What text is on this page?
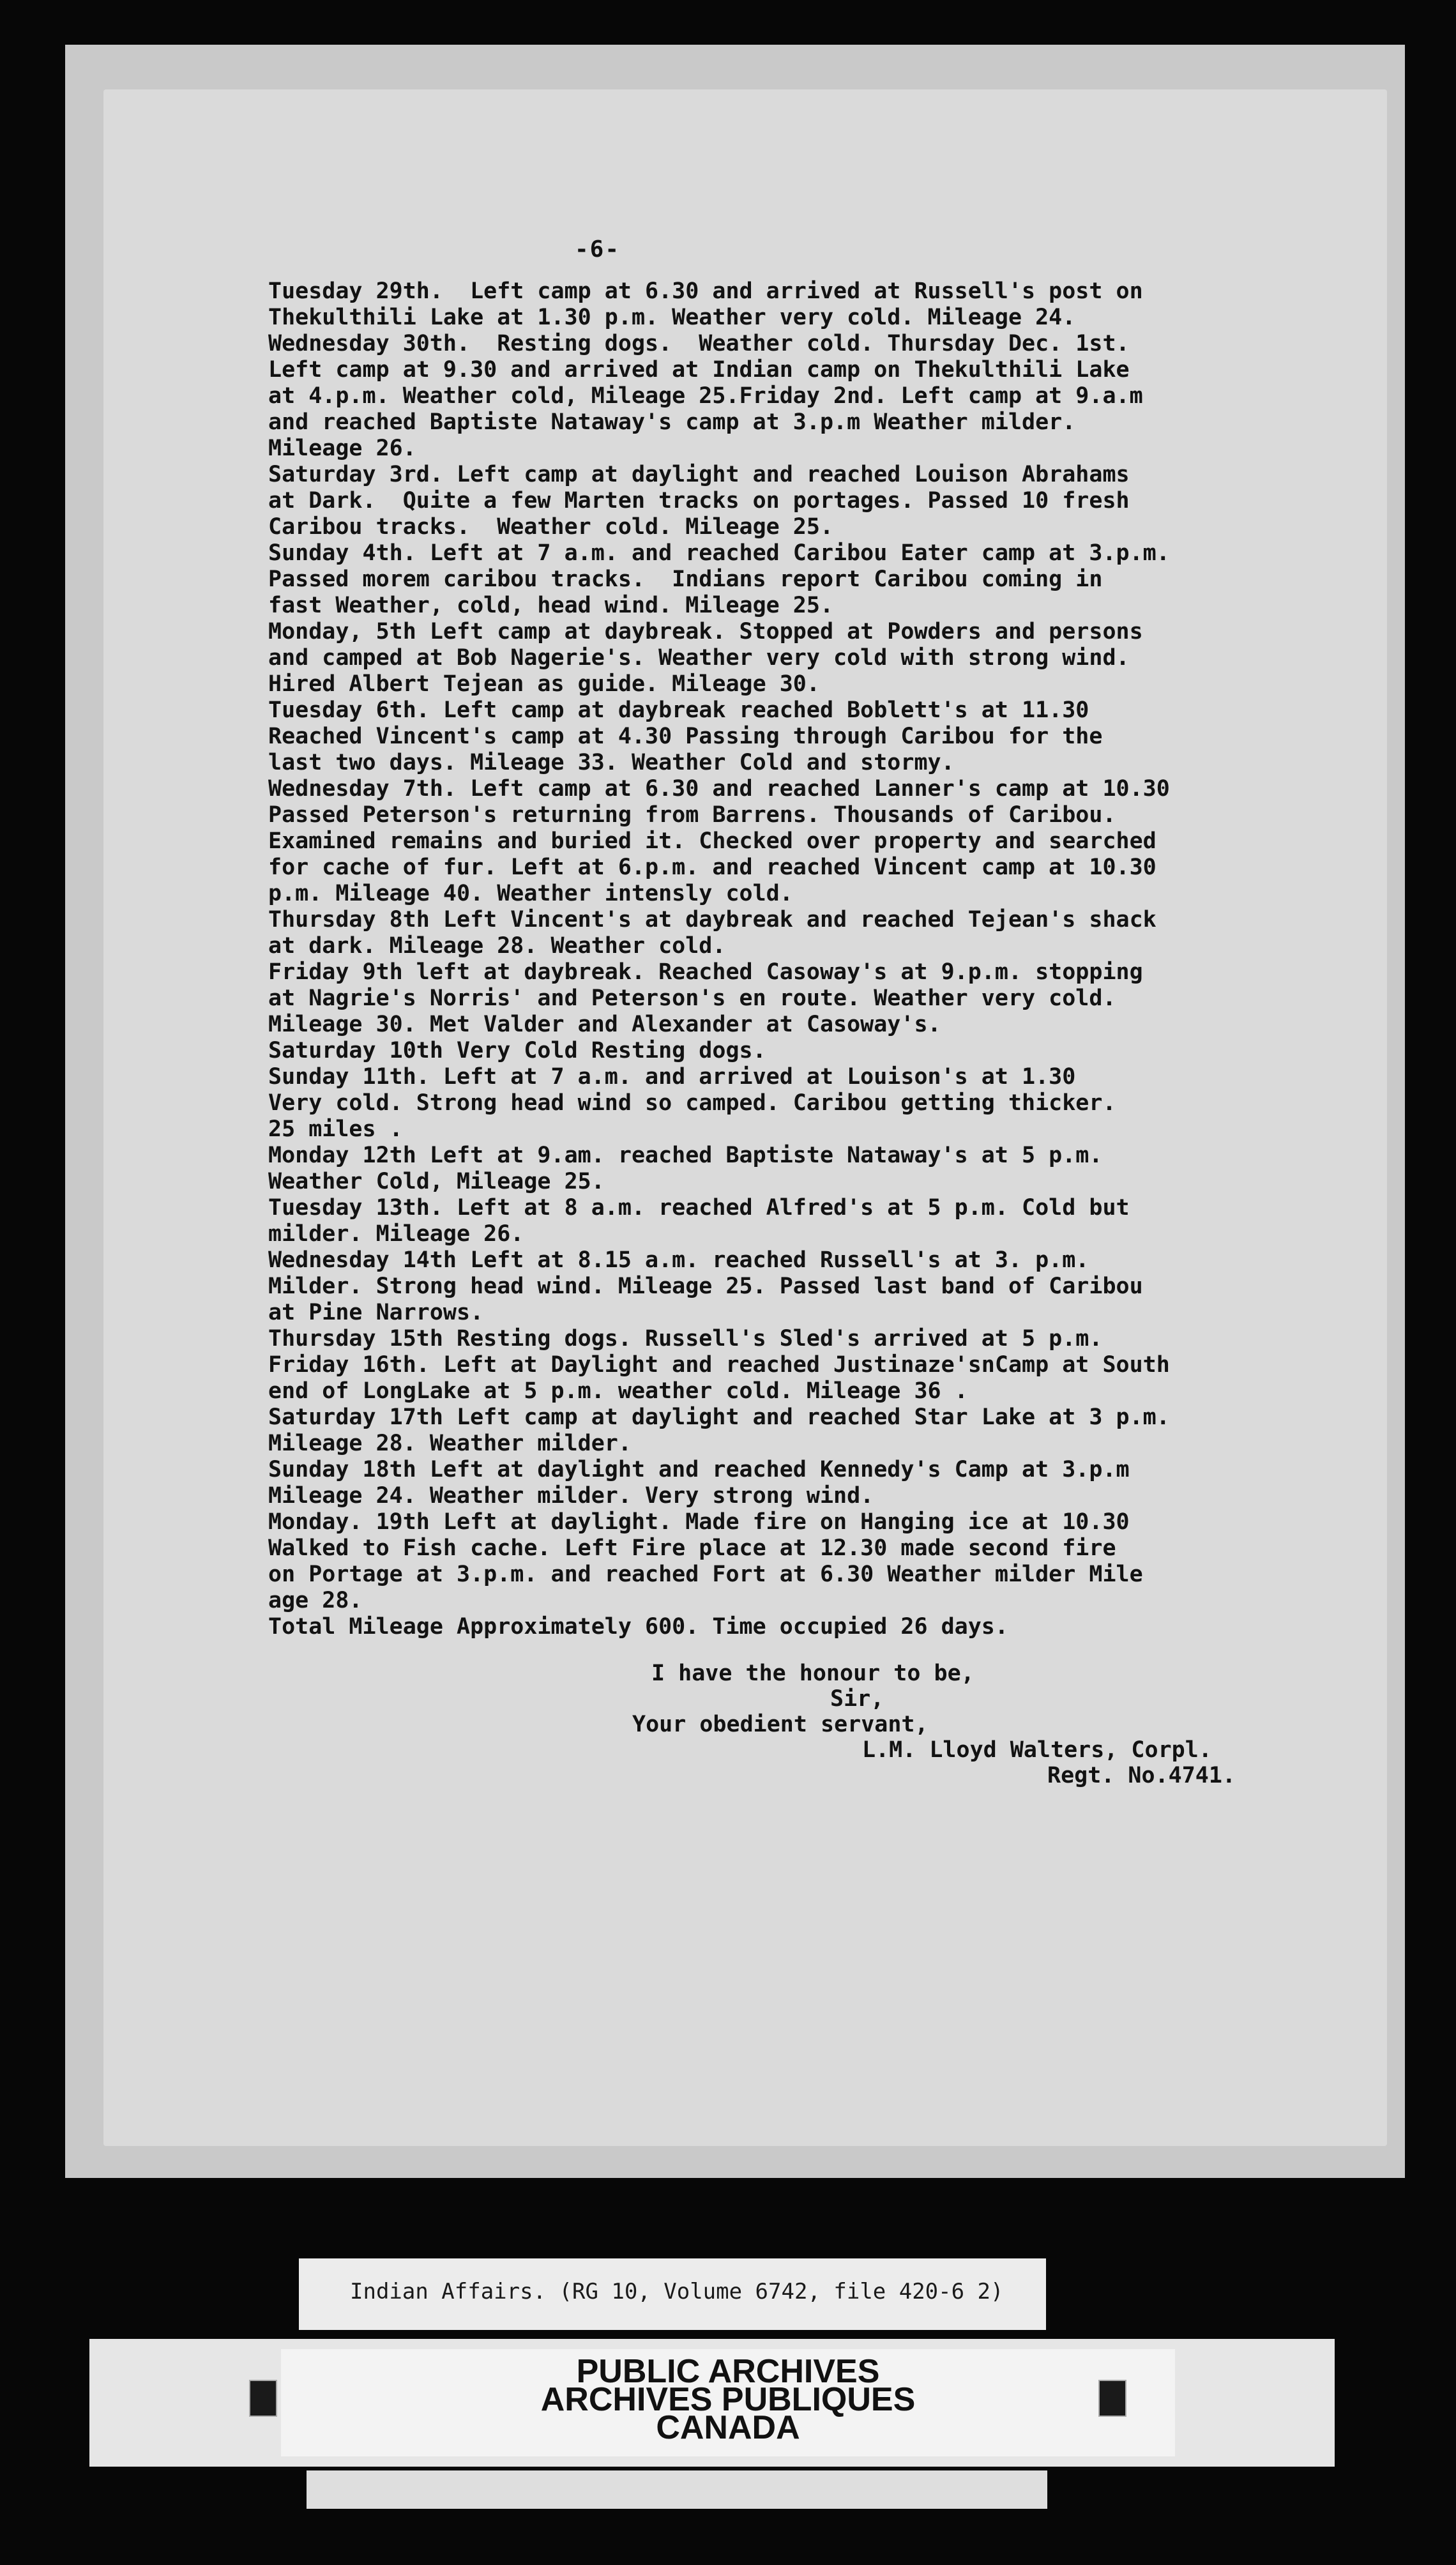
-6-
Tuesday 29th.  Left camp at 6.30 and arrived at Russell's post on
Thekulthili Lake at 1.30 p.m. Weather very cold. Mileage 24.
Wednesday 30th.  Resting dogs.  Weather cold. Thursday Dec. 1st.
Left camp at 9.30 and arrived at Indian camp on Thekulthili Lake
at 4.p.m. Weather cold, Mileage 25.Friday 2nd. Left camp at 9.a.m
and reached Baptiste Nataway's camp at 3.p.m Weather milder.
Mileage 26.
Saturday 3rd. Left camp at daylight and reached Louison Abrahams
at Dark.  Quite a few Marten tracks on portages. Passed 10 fresh
Caribou tracks.  Weather cold. Mileage 25.
Sunday 4th. Left at 7 a.m. and reached Caribou Eater camp at 3.p.m.
Passed morem caribou tracks.  Indians report Caribou coming in
fast Weather, cold, head wind. Mileage 25.
Monday, 5th Left camp at daybreak. Stopped at Powders and persons
and camped at Bob Nagerie's. Weather very cold with strong wind.
Hired Albert Tejean as guide. Mileage 30.
Tuesday 6th. Left camp at daybreak reached Boblett's at 11.30
Reached Vincent's camp at 4.30 Passing through Caribou for the
last two days. Mileage 33. Weather Cold and stormy.
Wednesday 7th. Left camp at 6.30 and reached Lanner's camp at 10.30
Passed Peterson's returning from Barrens. Thousands of Caribou.
Examined remains and buried it. Checked over property and searched
for cache of fur. Left at 6.p.m. and reached Vincent camp at 10.30
p.m. Mileage 40. Weather intensly cold.
Thursday 8th Left Vincent's at daybreak and reached Tejean's shack
at dark. Mileage 28. Weather cold.
Friday 9th left at daybreak. Reached Casoway's at 9.p.m. stopping
at Nagrie's Norris' and Peterson's en route. Weather very cold.
Mileage 30. Met Valder and Alexander at Casoway's.
Saturday 10th Very Cold Resting dogs.
Sunday 11th. Left at 7 a.m. and arrived at Louison's at 1.30
Very cold. Strong head wind so camped. Caribou getting thicker.
25 miles .
Monday 12th Left at 9.am. reached Baptiste Nataway's at 5 p.m.
Weather Cold, Mileage 25.
Tuesday 13th. Left at 8 a.m. reached Alfred's at 5 p.m. Cold but
milder. Mileage 26.
Wednesday 14th Left at 8.15 a.m. reached Russell's at 3. p.m.
Milder. Strong head wind. Mileage 25. Passed last band of Caribou
at Pine Narrows.
Thursday 15th Resting dogs. Russell's Sled's arrived at 5 p.m.
Friday 16th. Left at Daylight and reached Justinaze'snCamp at South
end of LongLake at 5 p.m. weather cold. Mileage 36 .
Saturday 17th Left camp at daylight and reached Star Lake at 3 p.m.
Mileage 28. Weather milder.
Sunday 18th Left at daylight and reached Kennedy's Camp at 3.p.m
Mileage 24. Weather milder. Very strong wind.
Monday. 19th Left at daylight. Made fire on Hanging ice at 10.30
Walked to Fish cache. Left Fire place at 12.30 made second fire
on Portage at 3.p.m. and reached Fort at 6.30 Weather milder Mile
age 28.
Total Mileage Approximately 600. Time occupied 26 days.
I have the honour to be,
Sir,
Your obedient servant,
L.M. Lloyd Walters, Corpl.
Regt. No.4741.
Indian Affairs. (RG 10, Volume 6742, file 420-6 2)
PUBLIC ARCHIVES
ARCHIVES PUBLIQUES
CANADA
